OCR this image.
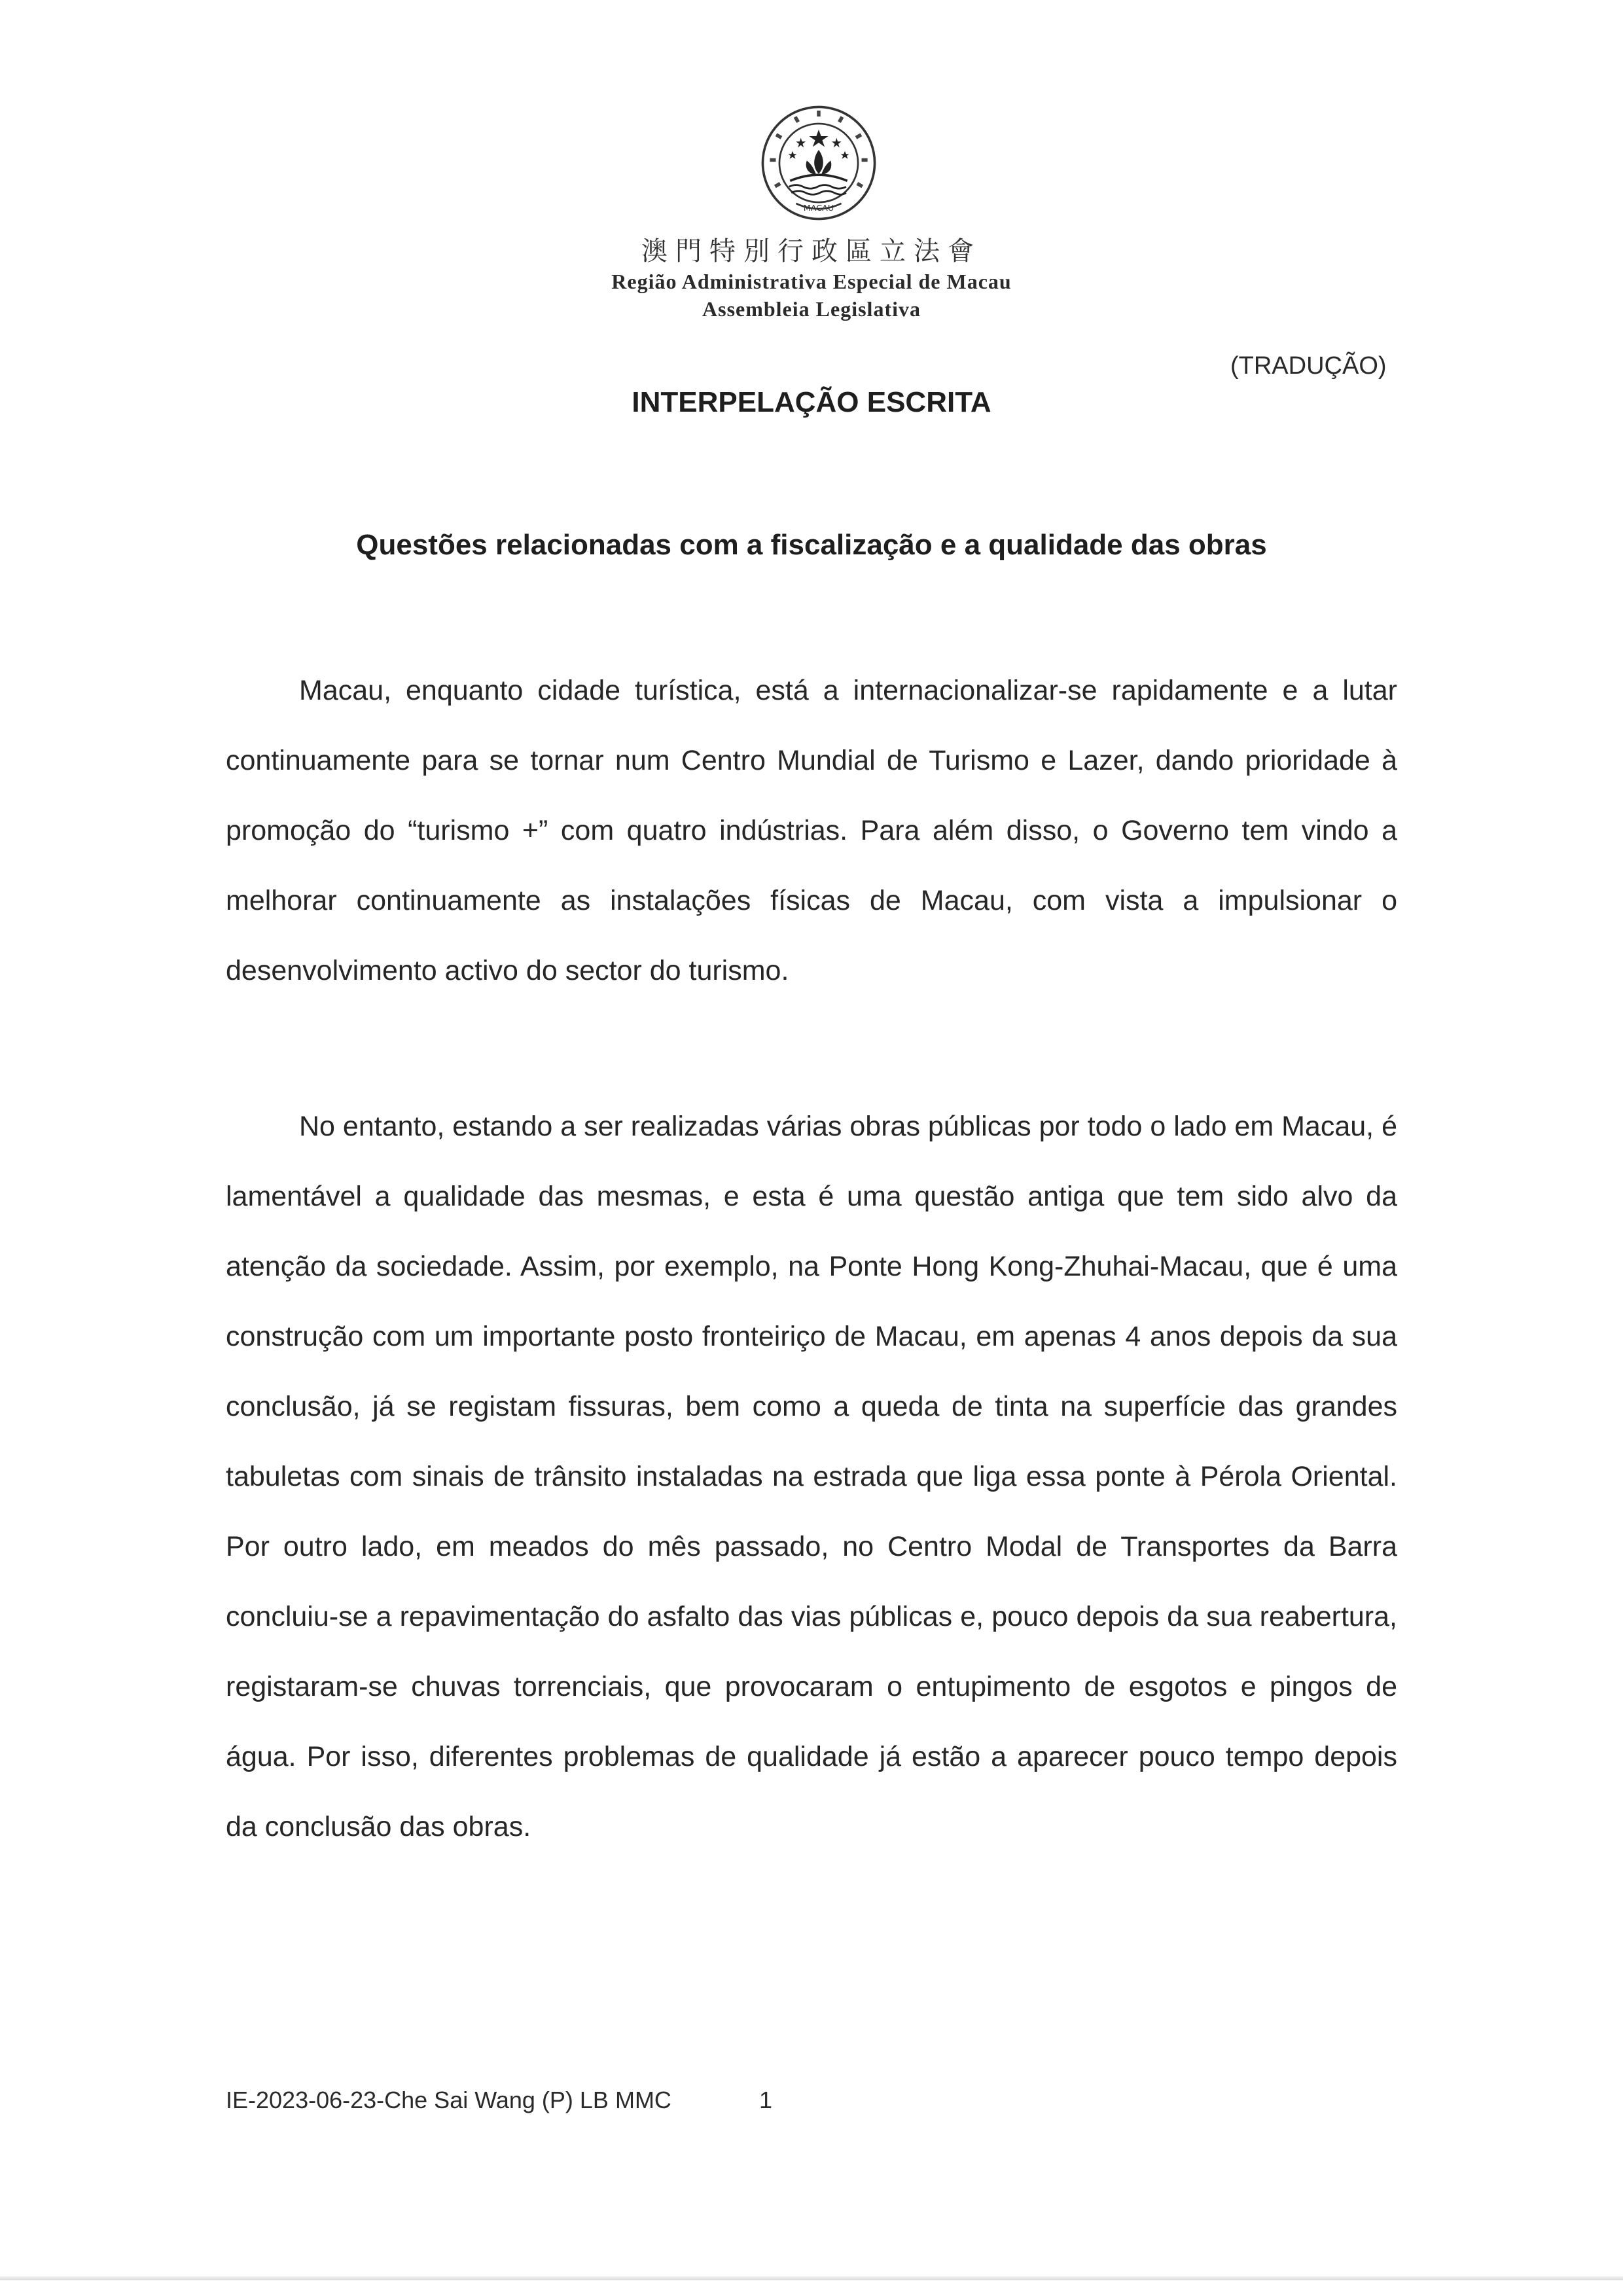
MACAU
澳門特別行政區立法會
Região Administrativa Especial de Macau
Assembleia Legislativa
(TRADUÇÃO)
INTERPELAÇÃO ESCRITA
Questões relacionadas com a fiscalização e a qualidade das obras

Macau, enquanto cidade turística, está a internacionalizar-se rapidamente e a lutar continuamente para se tornar num Centro Mundial de Turismo e Lazer, dando prioridade à promoção do “turismo +” com quatro indústrias. Para além disso, o Governo tem vindo a melhorar continuamente as instalações físicas de Macau, com vista a impulsionar o desenvolvimento activo do sector do turismo.

No entanto, estando a ser realizadas várias obras públicas por todo o lado em Macau, é lamentável a qualidade das mesmas, e esta é uma questão antiga que tem sido alvo da atenção da sociedade. Assim, por exemplo, na Ponte Hong Kong-Zhuhai-Macau, que é uma construção com um importante posto fronteiriço de Macau, em apenas 4 anos depois da sua conclusão, já se registam fissuras, bem como a queda de tinta na superfície das grandes tabuletas com sinais de trânsito instaladas na estrada que liga essa ponte à Pérola Oriental. Por outro lado, em meados do mês passado, no Centro Modal de Transportes da Barra concluiu-se a repavimentação do asfalto das vias públicas e, pouco depois da sua reabertura, registaram-se chuvas torrenciais, que provocaram o entupimento de esgotos e pingos de água. Por isso, diferentes problemas de qualidade já estão a aparecer pouco tempo depois da conclusão das obras.

IE-2023-06-23-Che Sai Wang (P) LB MMC	1
